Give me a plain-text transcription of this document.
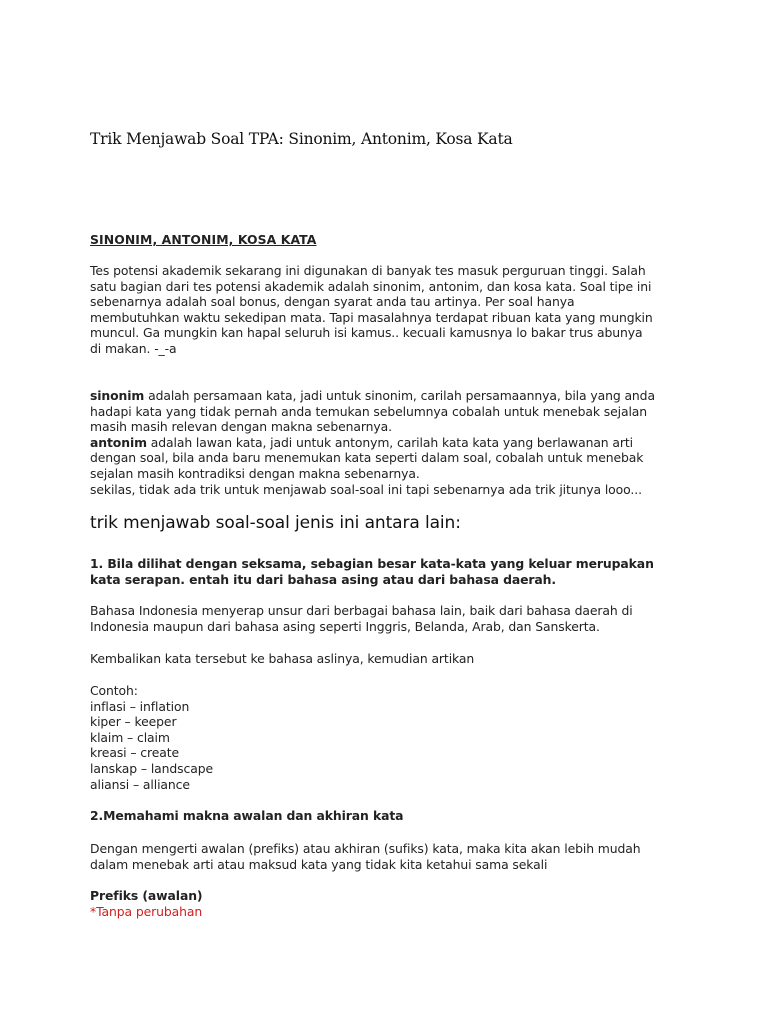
Trik Menjawab Soal TPA: Sinonim, Antonim, Kosa Kata
SINONIM, ANTONIM, KOSA KATA
Tes potensi akademik sekarang ini digunakan di banyak tes masuk perguruan tinggi. Salah
satu bagian dari tes potensi akademik adalah sinonim, antonim, dan kosa kata. Soal tipe ini
sebenarnya adalah soal bonus, dengan syarat anda tau artinya. Per soal hanya
membutuhkan waktu sekedipan mata. Tapi masalahnya terdapat ribuan kata yang mungkin
muncul. Ga mungkin kan hapal seluruh isi kamus.. kecuali kamusnya lo bakar trus abunya
di makan. -_-a
sinonim adalah persamaan kata, jadi untuk sinonim, carilah persamaannya, bila yang anda
hadapi kata yang tidak pernah anda temukan sebelumnya cobalah untuk menebak sejalan
masih masih relevan dengan makna sebenarnya.
antonim adalah lawan kata, jadi untuk antonym, carilah kata kata yang berlawanan arti
dengan soal, bila anda baru menemukan kata seperti dalam soal, cobalah untuk menebak
sejalan masih kontradiksi dengan makna sebenarnya.
sekilas, tidak ada trik untuk menjawab soal-soal ini tapi sebenarnya ada trik jitunya looo...
trik menjawab soal-soal jenis ini antara lain:
1. Bila dilihat dengan seksama, sebagian besar kata-kata yang keluar merupakan
kata serapan. entah itu dari bahasa asing atau dari bahasa daerah.
Bahasa Indonesia menyerap unsur dari berbagai bahasa lain, baik dari bahasa daerah di
Indonesia maupun dari bahasa asing seperti Inggris, Belanda, Arab, dan Sanskerta.
Kembalikan kata tersebut ke bahasa aslinya, kemudian artikan
Contoh:
inflasi – inflation
kiper – keeper
klaim – claim
kreasi – create
lanskap – landscape
aliansi – alliance
2.Memahami makna awalan dan akhiran kata
Dengan mengerti awalan (prefiks) atau akhiran (sufiks) kata, maka kita akan lebih mudah
dalam menebak arti atau maksud kata yang tidak kita ketahui sama sekali
Prefiks (awalan)
*Tanpa perubahan
